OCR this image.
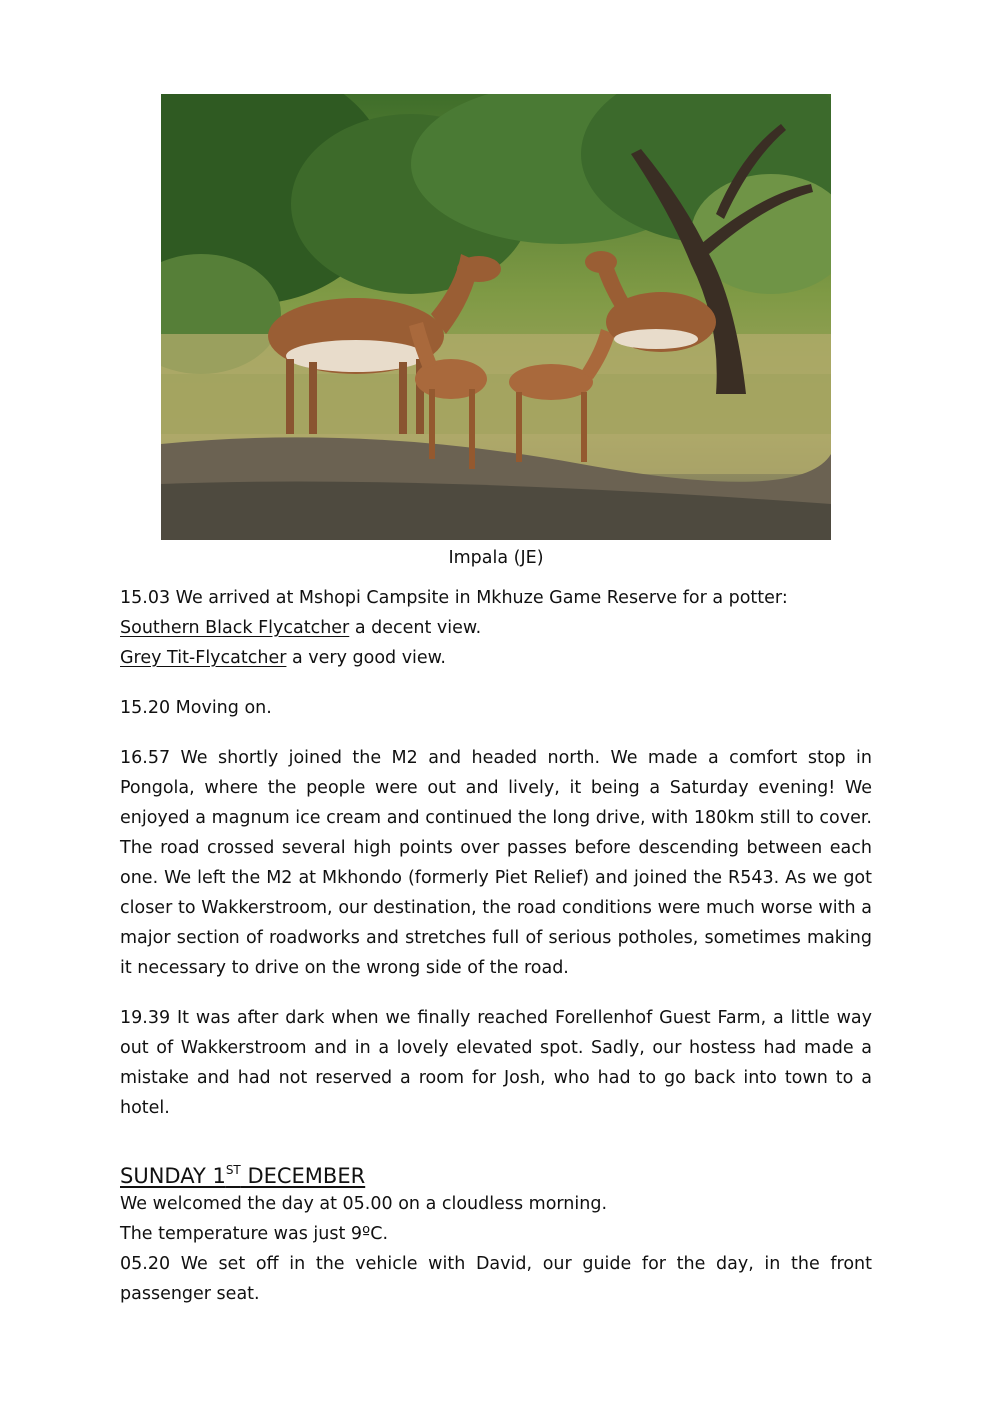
Impala (JE)
15.03 We arrived at Mshopi Campsite in Mkhuze Game Reserve for a potter:
Southern Black Flycatcher a decent view.
Grey Tit-Flycatcher a very good view.
15.20 Moving on.
16.57 We shortly joined the M2 and headed north. We made a comfort stop in Pongola, where the people were out and lively, it being a Saturday evening! We enjoyed a magnum ice cream and continued the long drive, with 180km still to cover. The road crossed several high points over passes before descending between each one. We left the M2 at Mkhondo (formerly Piet Relief) and joined the R543. As we got closer to Wakkerstroom, our destination, the road conditions were much worse with a major section of roadworks and stretches full of serious potholes, sometimes making it necessary to drive on the wrong side of the road.
19.39 It was after dark when we finally reached Forellenhof Guest Farm, a little way out of Wakkerstroom and in a lovely elevated spot. Sadly, our hostess had made a mistake and had not reserved a room for Josh, who had to go back into town to a hotel.
SUNDAY 1ST DECEMBER
We welcomed the day at 05.00 on a cloudless morning.
The temperature was just 9ºC.
05.20 We set off in the vehicle with David, our guide for the day, in the front passenger seat.
